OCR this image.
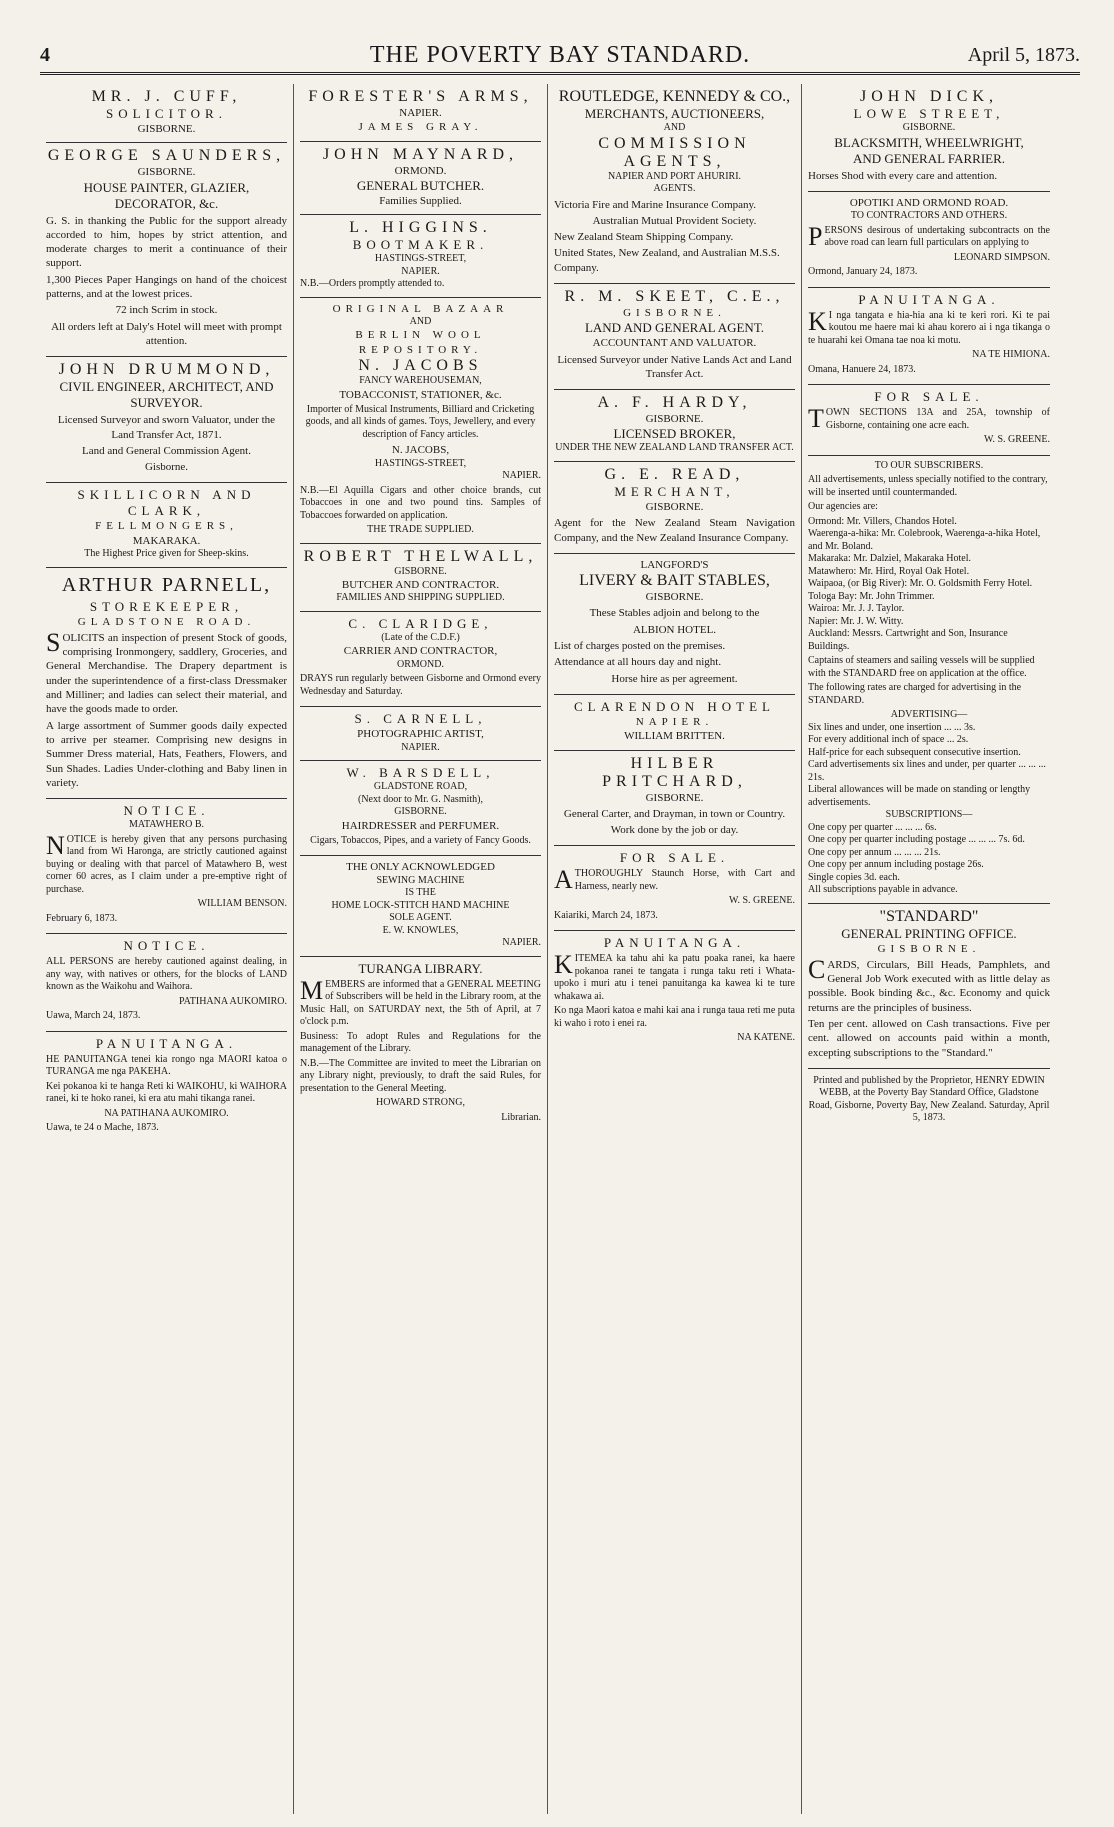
4	THE POVERTY BAY STANDARD.	April 5, 1873.
MR. J. CUFF,
SOLICITOR.
GISBORNE.
GEORGE SAUNDERS,
GISBORNE.
HOUSE PAINTER, GLAZIER,
DECORATOR, &c.

G. S. in thanking the Public for the support already accorded to him, hopes by strict attention, and moderate charges to merit a continuance of their support.

1,300 Pieces Paper Hangings on hand of the choicest patterns, and at the lowest prices.

72 inch Scrim in stock.

All orders left at Daly's Hotel will meet with prompt attention.

JOHN DRUMMOND,
CIVIL ENGINEER, ARCHITECT, AND SURVEYOR.

Licensed Surveyor and sworn Valuator, under the Land Transfer Act, 1871.

Land and General Commission Agent.

Gisborne.

SKILLICORN AND CLARK,
FELLMONGERS,
MAKARAKA.
The Highest Price given for Sheep-skins.
ARTHUR PARNELL,
STOREKEEPER,
GLADSTONE ROAD.

SOLICITS an inspection of present Stock of goods, comprising Ironmongery, saddlery, Groceries, and General Merchandise. The Drapery department is under the superintendence of a first-class Dressmaker and Milliner; and ladies can select their material, and have the goods made to order.

A large assortment of Summer goods daily expected to arrive per steamer. Comprising new designs in Summer Dress material, Hats, Feathers, Flowers, and Sun Shades. Ladies Under-clothing and Baby linen in variety.

NOTICE.
MATAWHERO B.

NOTICE is hereby given that any persons purchasing land from Wi Haronga, are strictly cautioned against buying or dealing with that parcel of Matawhero B, west corner 60 acres, as I claim under a pre-emptive right of purchase.

WILLIAM BENSON.

February 6, 1873.

NOTICE.

ALL PERSONS are hereby cautioned against dealing, in any way, with natives or others, for the blocks of LAND known as the Waikohu and Waihora.

PATIHANA AUKOMIRO.

Uawa, March 24, 1873.

PANUITANGA.

HE PANUITANGA tenei kia rongo nga MAORI katoa o TURANGA me nga PAKEHA.

Kei pokanoa ki te hanga Reti ki WAIKOHU, ki WAIHORA ranei, ki te hoko ranei, ki era atu mahi tikanga ranei.

NA PATIHANA AUKOMIRO.

Uawa, te 24 o Mache, 1873.

FORESTER'S ARMS,
NAPIER.
JAMES GRAY.
JOHN MAYNARD,
ORMOND.
GENERAL BUTCHER.
Families Supplied.
L. HIGGINS.
BOOTMAKER.
HASTINGS-STREET,
NAPIER.
N.B.—Orders promptly attended to.
ORIGINAL BAZAAR
AND
BERLIN WOOL REPOSITORY.
N. JACOBS
FANCY WAREHOUSEMAN,
TOBACCONIST, STATIONER, &c.

Importer of Musical Instruments, Billiard and Cricketing goods, and all kinds of games. Toys, Jewellery, and every description of Fancy articles.

N. JACOBS,
HASTINGS-STREET,
NAPIER.

N.B.—El Aquilla Cigars and other choice brands, cut Tobaccoes in one and two pound tins. Samples of Tobaccoes forwarded on application.

THE TRADE SUPPLIED.
ROBERT THELWALL,
GISBORNE.
BUTCHER AND CONTRACTOR.
FAMILIES AND SHIPPING SUPPLIED.
C. CLARIDGE,
(Late of the C.D.F.)
CARRIER AND CONTRACTOR,
ORMOND.

DRAYS run regularly between Gisborne and Ormond every Wednesday and Saturday.

S. CARNELL,
PHOTOGRAPHIC ARTIST,
NAPIER.
W. BARSDELL,
GLADSTONE ROAD,
(Next door to Mr. G. Nasmith),
GISBORNE.
HAIRDRESSER and PERFUMER.

Cigars, Tobaccos, Pipes, and a variety of Fancy Goods.

THE ONLY ACKNOWLEDGED
SEWING MACHINE
IS THE
HOME LOCK-STITCH HAND MACHINE
SOLE AGENT.
E. W. KNOWLES,
NAPIER.
TURANGA LIBRARY.

MEMBERS are informed that a GENERAL MEETING of Subscribers will be held in the Library room, at the Music Hall, on SATURDAY next, the 5th of April, at 7 o'clock p.m.

Business: To adopt Rules and Regulations for the management of the Library.

N.B.—The Committee are invited to meet the Librarian on any Library night, previously, to draft the said Rules, for presentation to the General Meeting.

HOWARD STRONG,

Librarian.

ROUTLEDGE, KENNEDY & CO.,
MERCHANTS, AUCTIONEERS,
AND
COMMISSION AGENTS,
NAPIER AND PORT AHURIRI.
AGENTS.

Victoria Fire and Marine Insurance Company.

Australian Mutual Provident Society.

New Zealand Steam Shipping Company.

United States, New Zealand, and Australian M.S.S. Company.

R. M. SKEET, C.E.,
GISBORNE.
LAND AND GENERAL AGENT.
ACCOUNTANT AND VALUATOR.

Licensed Surveyor under Native Lands Act and Land Transfer Act.

A. F. HARDY,
GISBORNE.
LICENSED BROKER,
UNDER THE NEW ZEALAND LAND TRANSFER ACT.
G. E. READ,
MERCHANT,
GISBORNE.

Agent for the New Zealand Steam Navigation Company, and the New Zealand Insurance Company.

LANGFORD'S
LIVERY & BAIT STABLES,
GISBORNE.

These Stables adjoin and belong to the

ALBION HOTEL.

List of charges posted on the premises.

Attendance at all hours day and night.

Horse hire as per agreement.

CLARENDON HOTEL
NAPIER.
WILLIAM BRITTEN.
HILBER PRITCHARD,
GISBORNE.

General Carter, and Drayman, in town or Country.

Work done by the job or day.

FOR SALE.

ATHOROUGHLY Staunch Horse, with Cart and Harness, nearly new.

W. S. GREENE.

Kaiariki, March 24, 1873.

PANUITANGA.

KITEMEA ka tahu ahi ka patu poaka ranei, ka haere pokanoa ranei te tangata i runga taku reti i Whata-upoko i muri atu i tenei panuitanga ka kawea ki te ture whakawa ai.

Ko nga Maori katoa e mahi kai ana i runga taua reti me puta ki waho i roto i enei ra.

NA KATENE.

JOHN DICK,
LOWE STREET,
GISBORNE.
BLACKSMITH, WHEELWRIGHT,
AND GENERAL FARRIER.

Horses Shod with every care and attention.

OPOTIKI AND ORMOND ROAD.
TO CONTRACTORS AND OTHERS.

PERSONS desirous of undertaking subcontracts on the above road can learn full particulars on applying to

LEONARD SIMPSON.

Ormond, January 24, 1873.

PANUITANGA.

KI nga tangata e hia-hia ana ki te keri rori. Ki te pai koutou me haere mai ki ahau korero ai i nga tikanga o te huarahi kei Omana tae noa ki motu.

NA TE HIMIONA.

Omana, Hanuere 24, 1873.

FOR SALE.

TOWN SECTIONS 13A and 25A, township of Gisborne, containing one acre each.

W. S. GREENE.

TO OUR SUBSCRIBERS.

All advertisements, unless specially notified to the contrary, will be inserted until countermanded.

Our agencies are:

Ormond: Mr. Villers, Chandos Hotel.
Waerenga-a-hika: Mr. Colebrook, Waerenga-a-hika Hotel, and Mr. Boland.
Makaraka: Mr. Dalziel, Makaraka Hotel.
Matawhero: Mr. Hird, Royal Oak Hotel.
Waipaoa, (or Big River): Mr. O. Goldsmith Ferry Hotel.
Tologa Bay: Mr. John Trimmer.
Wairoa: Mr. J. J. Taylor.
Napier: Mr. J. W. Witty.
Auckland: Messrs. Cartwright and Son, Insurance Buildings.

Captains of steamers and sailing vessels will be supplied with the STANDARD free on application at the office.

The following rates are charged for advertising in the STANDARD.

ADVERTISING—
Six lines and under, one insertion ... ... 3s.
For every additional inch of space ... 2s.
Half-price for each subsequent consecutive insertion.
Card advertisements six lines and under, per quarter ... ... ... 21s.
Liberal allowances will be made on standing or lengthy advertisements.
SUBSCRIPTIONS—
One copy per quarter ... ... ... 6s.
One copy per quarter including postage ... ... ... 7s. 6d.
One copy per annum ... ... ... 21s.
One copy per annum including postage 26s.
Single copies 3d. each.
All subscriptions payable in advance.
"STANDARD"
GENERAL PRINTING OFFICE.
GISBORNE.

CARDS, Circulars, Bill Heads, Pamphlets, and General Job Work executed with as little delay as possible. Book binding &c., &c. Economy and quick returns are the principles of business.

Ten per cent. allowed on Cash transactions. Five per cent. allowed on accounts paid within a month, excepting subscriptions to the "Standard."

Printed and published by the Proprietor, HENRY EDWIN WEBB, at the Poverty Bay Standard Office, Gladstone Road, Gisborne, Poverty Bay, New Zealand. Saturday, April 5, 1873.
